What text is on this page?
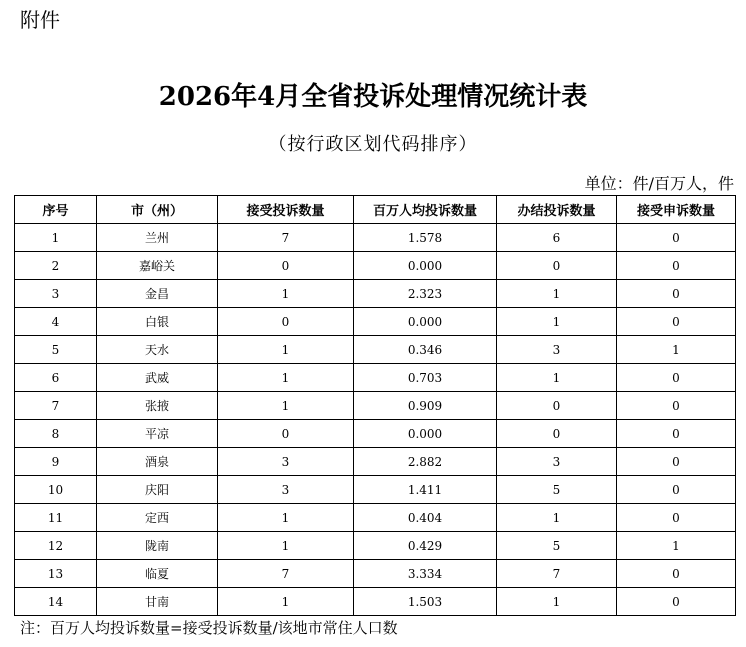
附件
2026年4月全省投诉处理情况统计表
（按行政区划代码排序）
单位：件/百万人，件
序号	市（州）	接受投诉数量	百万人均投诉数量	办结投诉数量	接受申诉数量
1	兰州	7	1.578	6	0
2	嘉峪关	0	0.000	0	0
3	金昌	1	2.323	1	0
4	白银	0	0.000	1	0
5	天水	1	0.346	3	1
6	武威	1	0.703	1	0
7	张掖	1	0.909	0	0
8	平凉	0	0.000	0	0
9	酒泉	3	2.882	3	0
10	庆阳	3	1.411	5	0
11	定西	1	0.404	1	0
12	陇南	1	0.429	5	1
13	临夏	7	3.334	7	0
14	甘南	1	1.503	1	0
注：百万人均投诉数量=接受投诉数量/该地市常住人口数
